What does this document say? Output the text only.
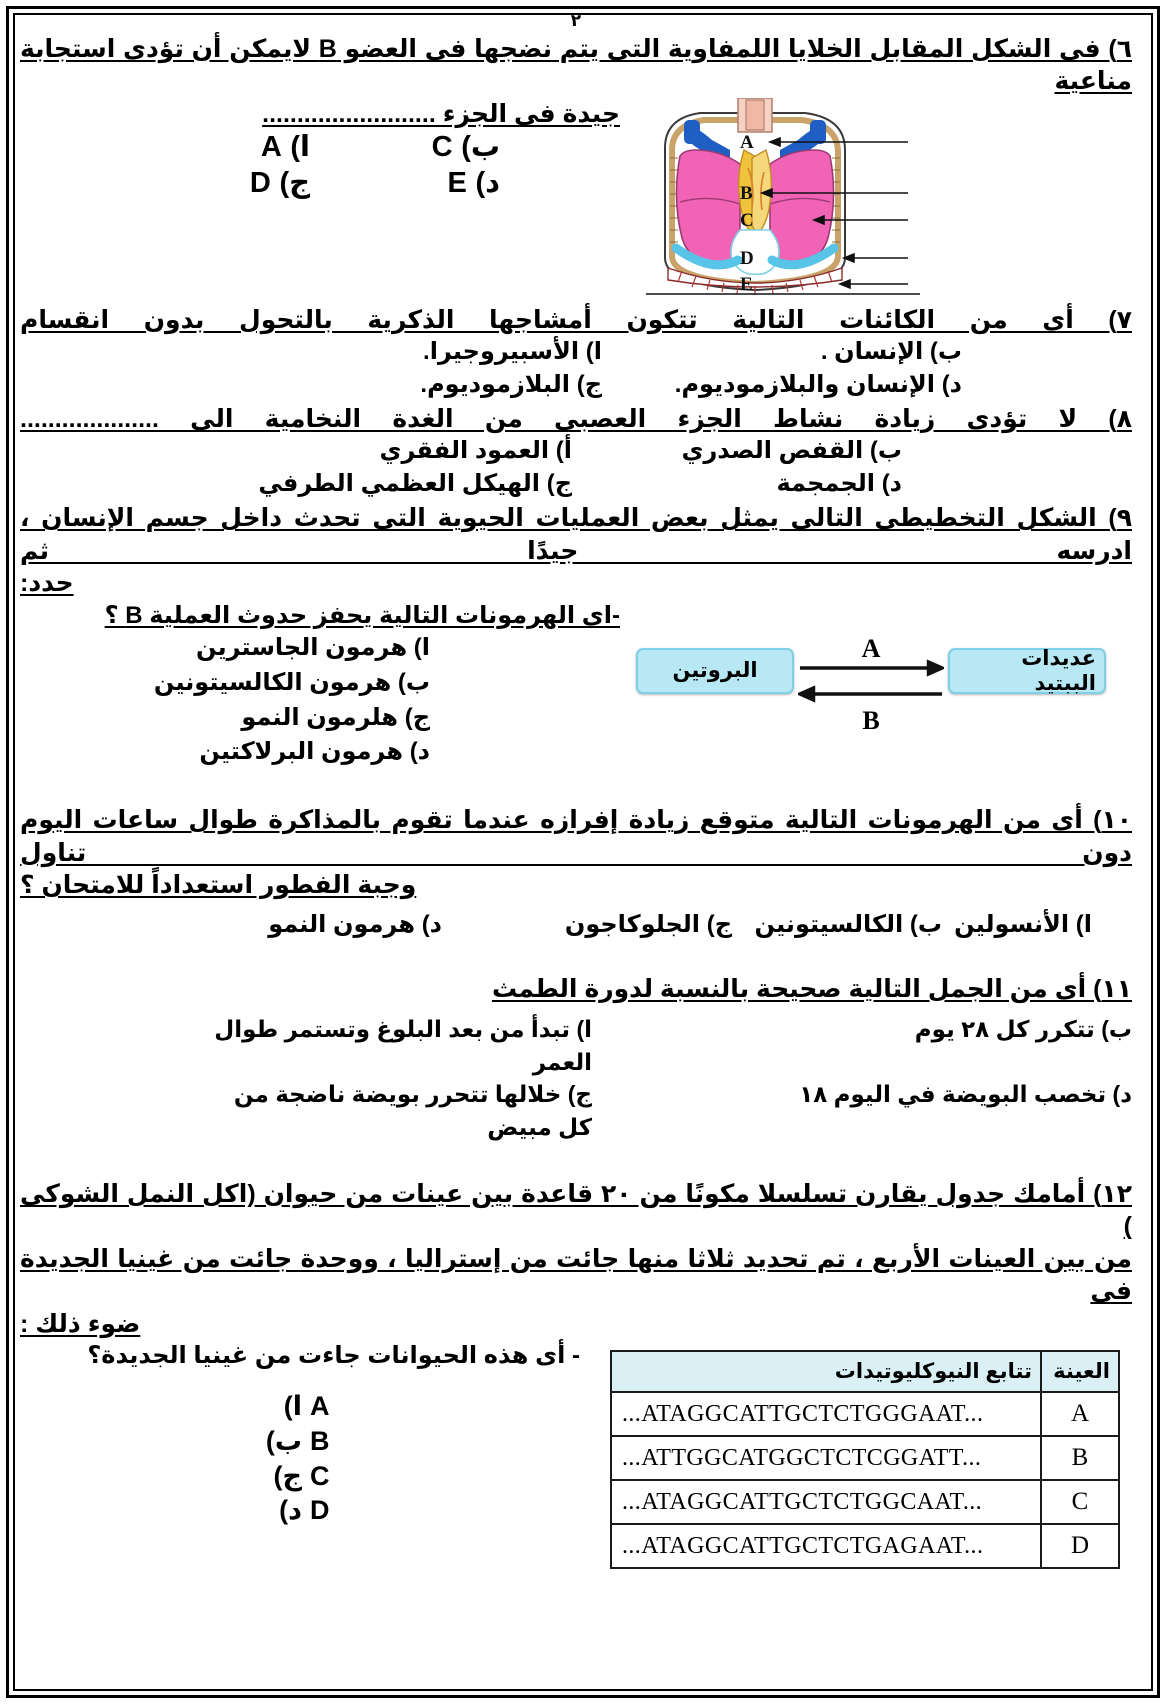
٢
٦) فى الشكل المقابل الخلايا اللمفاوية التى يتم نضجها فى العضو B لايمكن أن تؤدى استجابة مناعية
جيدة فى الجزء .........................
ب) C
ا) A
د) E
ج) D
A
B
C
D
E
٧) أى من الكائنات التالية تتكون أمشاجها الذكرية بالتحول بدون انقسام
ب) الإنسان .
ا) الأسبيروجيرا.
د) الإنسان والبلازموديوم.
ج) البلازموديوم.
٨) لا تؤدى زيادة نشاط الجزء العصبى من الغدة النخامية الى ....................
ب) القفص الصدري
أ) العمود الفقري
د) الجمجمة
ج) الهيكل العظمي الطرفي
٩) الشكل التخطيطى التالى يمثل بعض العمليات الحيوية التى تحدث داخل جسم الإنسان ، ادرسه جيدًا ثم
حدد:
-اى الهرمونات التالية يحفز حدوث العملية B ؟
ا) هرمون الجاسترين
ب) هرمون الكالسيتونين
ج) هلرمون النمو
د) هرمون البرلاكتين
عديدات الببتيد
البروتين
A
B
١٠) أى من الهرمونات التالية متوقع زيادة إفرازه عندما تقوم بالمذاكرة طوال ساعات اليوم دون تناول
وجبة الفطور استعداداً للامتحان ؟
ا) الأنسولين
ب) الكالسيتونين
ج) الجلوكاجون
د) هرمون النمو
١١) أى من الجمل التالية صحيحة بالنسبة لدورة الطمث
ب) تتكرر كل ٢٨ يوم
ا) تبدأ من بعد البلوغ وتستمر طوال العمر
د) تخصب البويضة في اليوم ١٨
ج) خلالها تتحرر بويضة ناضجة من كل مبيض
١٢) أمامك جدول يقارن تسلسلا مكونًا من ٢٠ قاعدة بين عينات من حيوان (اكل النمل الشوكى )
من بين العينات الأربع ، تم تحديد ثلاثا منها جائت من إستراليا ، ووحدة جائت من غينيا الجديدة فى
ضوء ذلك :
- أى هذه الحيوانات جاءت من غينيا الجديدة؟
A ا)
B ب)
C ج)
D د)
العينة	تتابع النيوكليوتيدات
A	...ATAGGCATTGCTCTGGGAAT...
B	...ATTGGCATGGCTCTCGGATT...
C	...ATAGGCATTGCTCTGGCAAT...
D	...ATAGGCATTGCTCTGAGAAT...
